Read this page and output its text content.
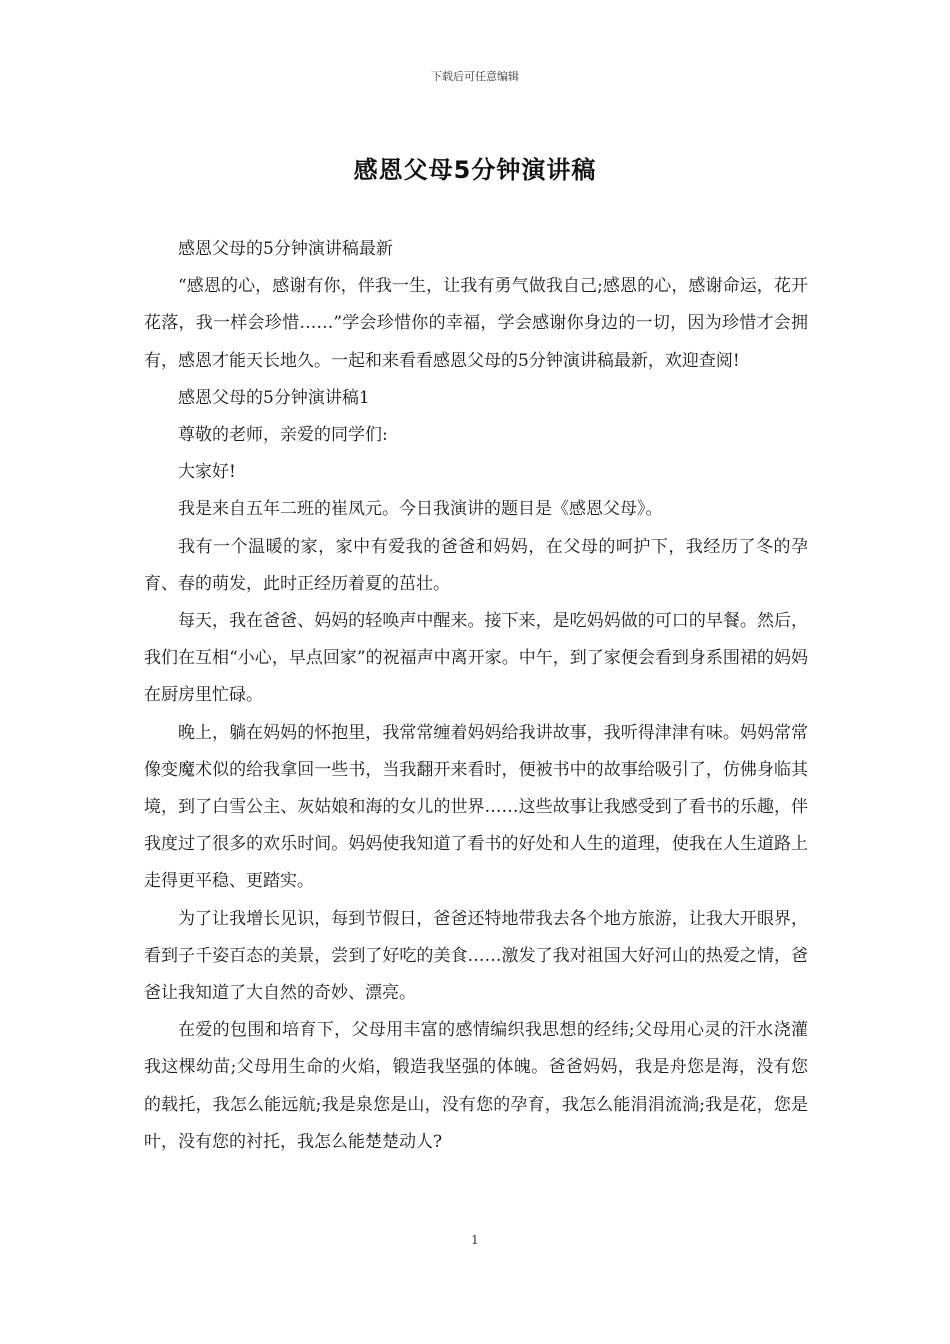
下载后可任意编辑
感恩父母5分钟演讲稿

感恩父母的5分钟演讲稿最新

“感恩的心，感谢有你，伴我一生，让我有勇气做我自己;感恩的心，感谢命运，花开花落，我一样会珍惜……”学会珍惜你的幸福，学会感谢你身边的一切，因为珍惜才会拥有，感恩才能天长地久。一起和来看看感恩父母的5分钟演讲稿最新，欢迎查阅!

感恩父母的5分钟演讲稿1

尊敬的老师，亲爱的同学们:

大家好!

我是来自五年二班的崔凤元。今日我演讲的题目是《感恩父母》。

我有一个温暖的家，家中有爱我的爸爸和妈妈，在父母的呵护下，我经历了冬的孕育、春的萌发，此时正经历着夏的茁壮。

每天，我在爸爸、妈妈的轻唤声中醒来。接下来，是吃妈妈做的可口的早餐。然后，我们在互相“小心，早点回家”的祝福声中离开家。中午，到了家便会看到身系围裙的妈妈在厨房里忙碌。

晚上，躺在妈妈的怀抱里，我常常缠着妈妈给我讲故事，我听得津津有味。妈妈常常像变魔术似的给我拿回一些书，当我翻开来看时，便被书中的故事给吸引了，仿佛身临其境，到了白雪公主、灰姑娘和海的女儿的世界……这些故事让我感受到了看书的乐趣，伴我度过了很多的欢乐时间。妈妈使我知道了看书的好处和人生的道理，使我在人生道路上走得更平稳、更踏实。

为了让我增长见识，每到节假日，爸爸还特地带我去各个地方旅游，让我大开眼界，看到子千姿百态的美景，尝到了好吃的美食……激发了我对祖国大好河山的热爱之情，爸爸让我知道了大自然的奇妙、漂亮。

在爱的包围和培育下，父母用丰富的感情编织我思想的经纬;父母用心灵的汗水浇灌我这棵幼苗;父母用生命的火焰，锻造我坚强的体魄。爸爸妈妈，我是舟您是海，没有您的载托，我怎么能远航;我是泉您是山，没有您的孕育，我怎么能涓涓流淌;我是花，您是叶，没有您的衬托，我怎么能楚楚动人?

1
